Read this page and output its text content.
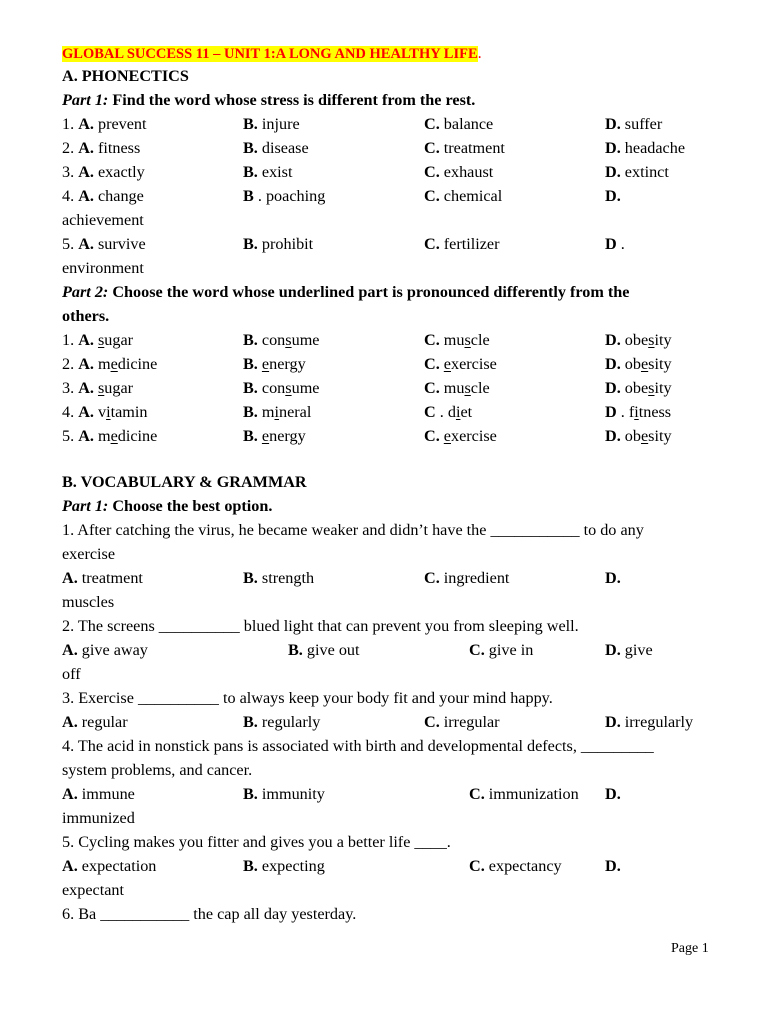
GLOBAL SUCCESS 11 – UNIT 1:A LONG AND HEALTHY LIFE.
A. PHONECTICS
Part 1: Find the word whose stress is different from the rest.
1. A. prevent	B. injure	C. balance	D. suffer
2. A. fitness	B. disease	C. treatment	D. headache
3. A. exactly	B. exist	C. exhaust	D. extinct
4. A. change	B . poaching	C. chemical	D.
achievement
5. A. survive	B. prohibit	C. fertilizer	D .
environment
Part 2: Choose the word whose underlined part is pronounced differently from the
others.
1. A. sugar	B. consume	C. muscle	D. obesity
2. A. medicine	B. energy	C. exercise	D. obesity
3. A. sugar	B. consume	C. muscle	D. obesity
4. A. vitamin	B. mineral	C . diet	D . fitness
5. A. medicine	B. energy	C. exercise	D. obesity
B. VOCABULARY & GRAMMAR
Part 1: Choose the best option.
1. After catching the virus, he became weaker and didn’t have the ___________ to do any
exercise
A. treatment	B. strength	C. ingredient	D.
muscles
2. The screens __________ blued light that can prevent you from sleeping well.
A. give away	B. give out	C. give in	D. give
off
3. Exercise __________ to always keep your body fit and your mind happy.
A. regular	B. regularly	C. irregular	D. irregularly
4. The acid in nonstick pans is associated with birth and developmental defects, _________
system problems, and cancer.
A. immune	B. immunity	C. immunization D.
immunized
5. Cycling makes you fitter and gives you a better life ____.
A. expectation	B. expecting	C. expectancy	D.
expectant
6. Ba ___________ the cap all day yesterday.
Page 1
